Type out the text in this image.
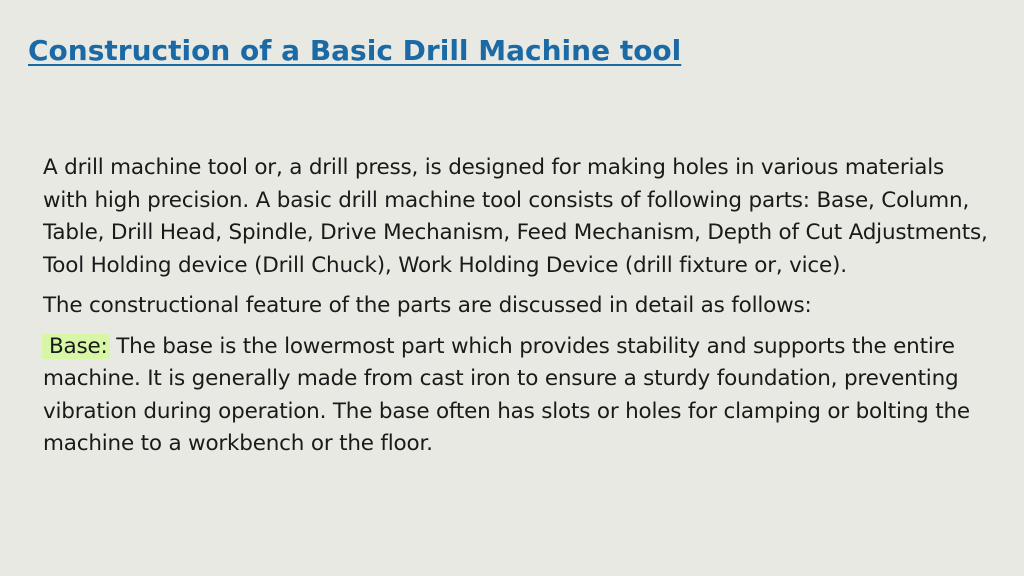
Construction of a Basic Drill Machine tool

A drill machine tool or, a drill press, is designed for making holes in various materials with high precision. A basic drill machine tool consists of following parts: Base, Column, Table, Drill Head, Spindle, Drive Mechanism, Feed Mechanism, Depth of Cut Adjustments, Tool Holding device (Drill Chuck), Work Holding Device (drill fixture or, vice).

The constructional feature of the parts are discussed in detail as follows:

Base: The base is the lowermost part which provides stability and supports the entire machine. It is generally made from cast iron to ensure a sturdy foundation, preventing vibration during operation. The base often has slots or holes for clamping or bolting the machine to a workbench or the floor.
